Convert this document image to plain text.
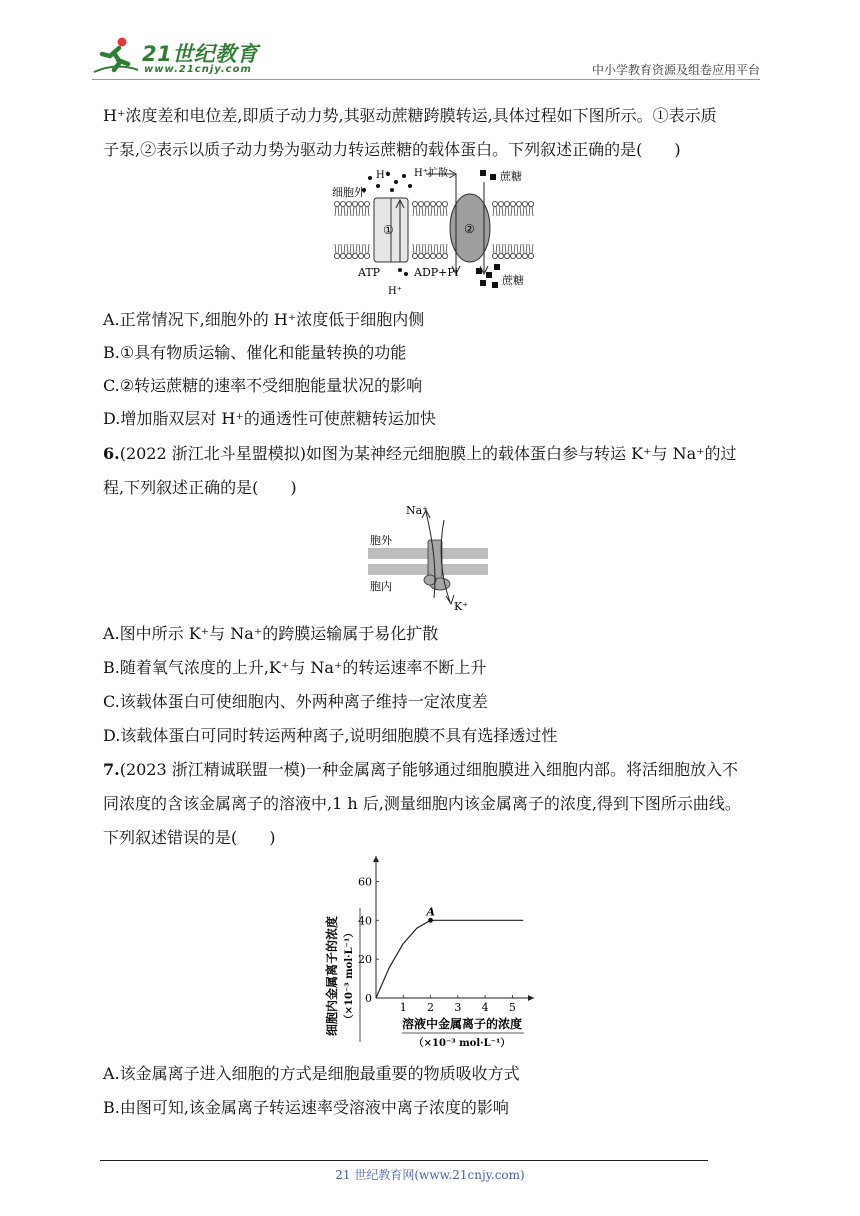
21世纪教育
www.21cnjy.com	中小学教育资源及组卷应用平台
H⁺浓度差和电位差,即质子动力势,其驱动蔗糖跨膜转运,具体过程如下图所示。①表示质
子泵,②表示以质子动力势为驱动力转运蔗糖的载体蛋白。下列叙述正确的是(　　)
①	②
细胞外
H⁺ H⁺扩散	蔗糖
ATP	ADP+Pi
H⁺
蔗糖
A.正常情况下,细胞外的 H⁺浓度低于细胞内侧
B.①具有物质运输、催化和能量转换的功能
C.②转运蔗糖的速率不受细胞能量状况的影响
D.增加脂双层对 H⁺的通透性可使蔗糖转运加快
6.(2022 浙江北斗星盟模拟)如图为某神经元细胞膜上的载体蛋白参与转运 K⁺与 Na⁺的过
程,下列叙述正确的是(　　)
Na⁺
胞外
胞内
K⁺
A.图中所示 K⁺与 Na⁺的跨膜运输属于易化扩散
B.随着氧气浓度的上升,K⁺与 Na⁺的转运速率不断上升
C.该载体蛋白可使细胞内、外两种离子维持一定浓度差
D.该载体蛋白可同时转运两种离子,说明细胞膜不具有选择透过性
7.(2023 浙江精诚联盟一模)一种金属离子能够通过细胞膜进入细胞内部。将活细胞放入不
同浓度的含该金属离子的溶液中,1 h 后,测量细胞内该金属离子的浓度,得到下图所示曲线。
下列叙述错误的是(　　)
0
1 2 3 4 5
20
40
60
A
细胞内金属离子的浓度 （×10⁻³ mol·L⁻¹）	溶液中金属离子的浓度
（×10⁻³ mol·L⁻¹）
A.该金属离子进入细胞的方式是细胞最重要的物质吸收方式
B.由图可知,该金属离子转运速率受溶液中离子浓度的影响
21 世纪教育网(www.21cnjy.com)
